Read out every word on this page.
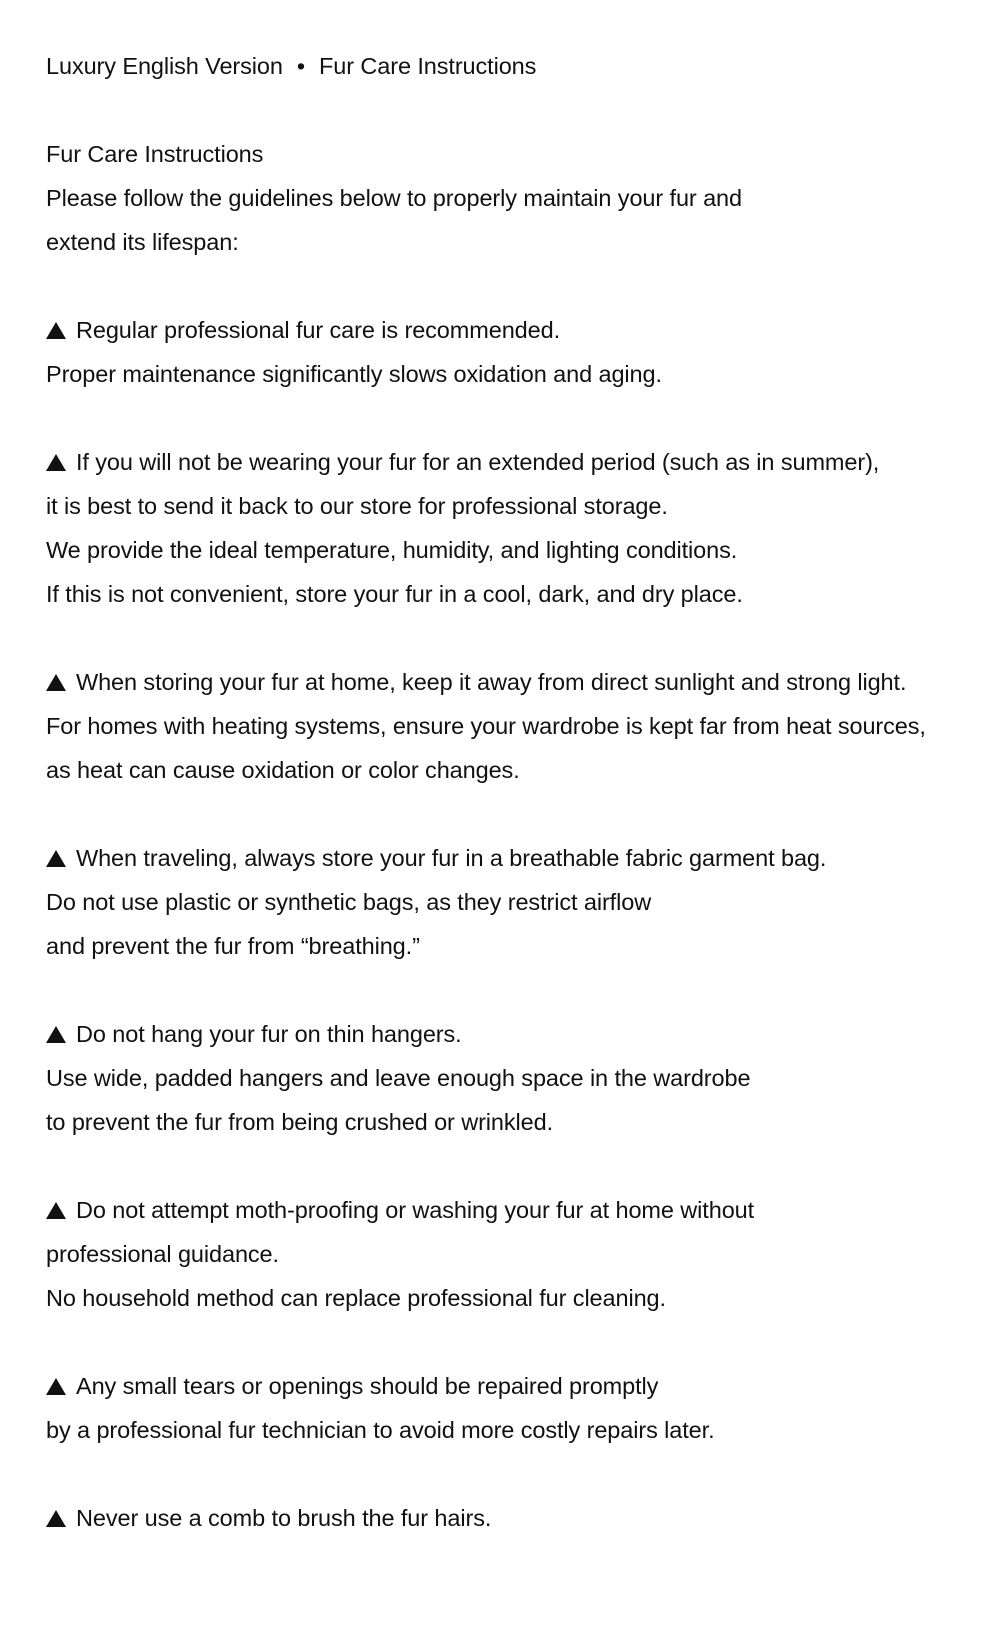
Luxury English Version • Fur Care Instructions
Fur Care Instructions
Please follow the guidelines below to properly maintain your fur and
extend its lifespan:
Regular professional fur care is recommended.
Proper maintenance significantly slows oxidation and aging.
If you will not be wearing your fur for an extended period (such as in summer),
it is best to send it back to our store for professional storage.
We provide the ideal temperature, humidity, and lighting conditions.
If this is not convenient, store your fur in a cool, dark, and dry place.
When storing your fur at home, keep it away from direct sunlight and strong light.
For homes with heating systems, ensure your wardrobe is kept far from heat sources,
as heat can cause oxidation or color changes.
When traveling, always store your fur in a breathable fabric garment bag.
Do not use plastic or synthetic bags, as they restrict airflow
and prevent the fur from “breathing.”
Do not hang your fur on thin hangers.
Use wide, padded hangers and leave enough space in the wardrobe
to prevent the fur from being crushed or wrinkled.
Do not attempt moth-proofing or washing your fur at home without
professional guidance.
No household method can replace professional fur cleaning.
Any small tears or openings should be repaired promptly
by a professional fur technician to avoid more costly repairs later.
Never use a comb to brush the fur hairs.
